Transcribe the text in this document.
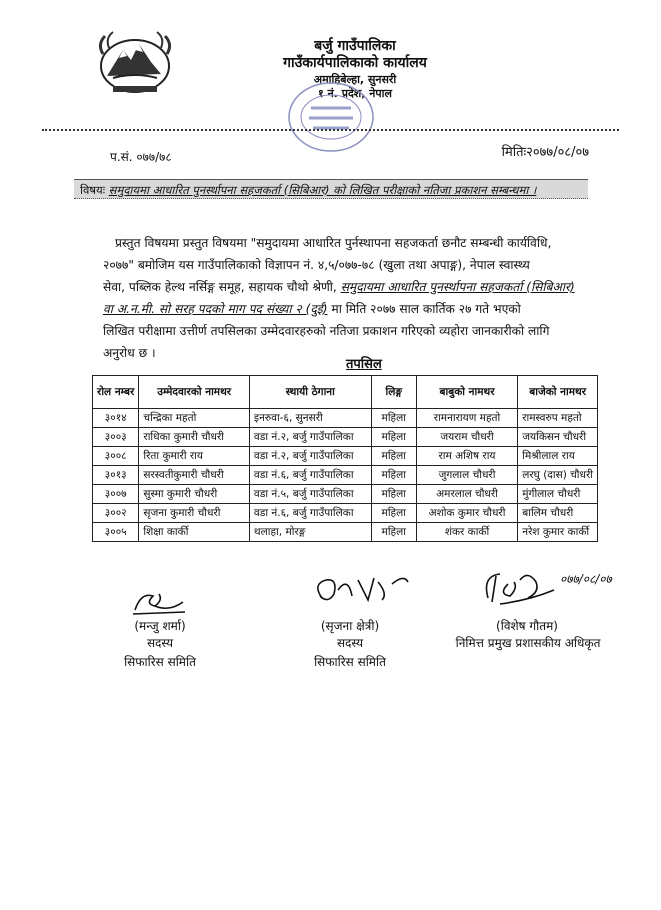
बर्जु गाउँपालिका
गाउँकार्यपालिकाको कार्यालय
अमाहिबेल्हा, सुनसरी
१ नं. प्रदेश, नेपाल
प.सं. ०७७/७८	मितिः२०७७/०८/०७
विषयः समुदायमा आधारित पुनर्स्थापना सहजकर्ता (सिबिआर) को लिखित परीक्षाको नतिजा प्रकाशन सम्बन्धमा ।
प्रस्तुत विषयमा प्रस्तुत विषयमा "समुदायमा आधारित पुर्नस्थापना सहजकर्ता छनौट सम्बन्धी कार्यविधि,
२०७७" बमोजिम यस गाउँपालिकाको विज्ञापन नं. ४,५/०७७-७८ (खुला तथा अपाङ्ग), नेपाल स्वास्थ्य
सेवा, पब्लिक हेल्थ नर्सिङ्ग समूह, सहायक चौथो श्रेणी, समुदायमा आधारित पुनर्स्थापना सहजकर्ता (सिबिआर)
वा अ.न.मी. सो सरह पदको माग पद संख्या २ (दुई) मा मिति २०७७ साल कार्तिक २७ गते भएको
लिखित परीक्षामा उत्तीर्ण तपसिलका उम्मेदवारहरुको नतिजा प्रकाशन गरिएको व्यहोरा जानकारीको लागि
अनुरोध छ ।
तपसिल
रोल नम्बर	उम्मेदवारको नामथर	स्थायी ठेगाना	लिङ्ग	बाबुको नामथर	बाजेको नामथर
३०१४	चन्द्रिका महतो	इनरुवा-६, सुनसरी	महिला	रामनारायण महतो	रामस्वरुप महतो
३००३	राधिका कुमारी चौधरी	वडा नं.२, बर्जु गाउँपालिका	महिला	जयराम चौधरी	जयकिसन चौधरी
३००८	रिता कुमारी राय	वडा नं.२, बर्जु गाउँपालिका	महिला	राम अशिष राय	मिश्रीलाल राय
३०१३	सरस्वतीकुमारी चौधरी	वडा नं.६, बर्जु गाउँपालिका	महिला	जुगलाल चौधरी	लरघु (दास) चौधरी
३००७	सुस्मा कुमारी चौधरी	वडा नं.५, बर्जु गाउँपालिका	महिला	अमरलाल चौधरी	मुंगीलाल चौधरी
३००२	सृजना कुमारी चौधरी	वडा नं.६, बर्जु गाउँपालिका	महिला	अशोक कुमार चौधरी	बालिम चौधरी
३००५	शिक्षा कार्की	थलाहा, मोरङ्ग	महिला	शंकर कार्की	नरेश कुमार कार्की
०७७/०८/०७
(मन्जु शर्मा)
सदस्य
सिफारिस समिति
(सृजना क्षेत्री)
सदस्य
सिफारिस समिति
(विशेष गौतम)
निमित्त प्रमुख प्रशासकीय अधिकृत
